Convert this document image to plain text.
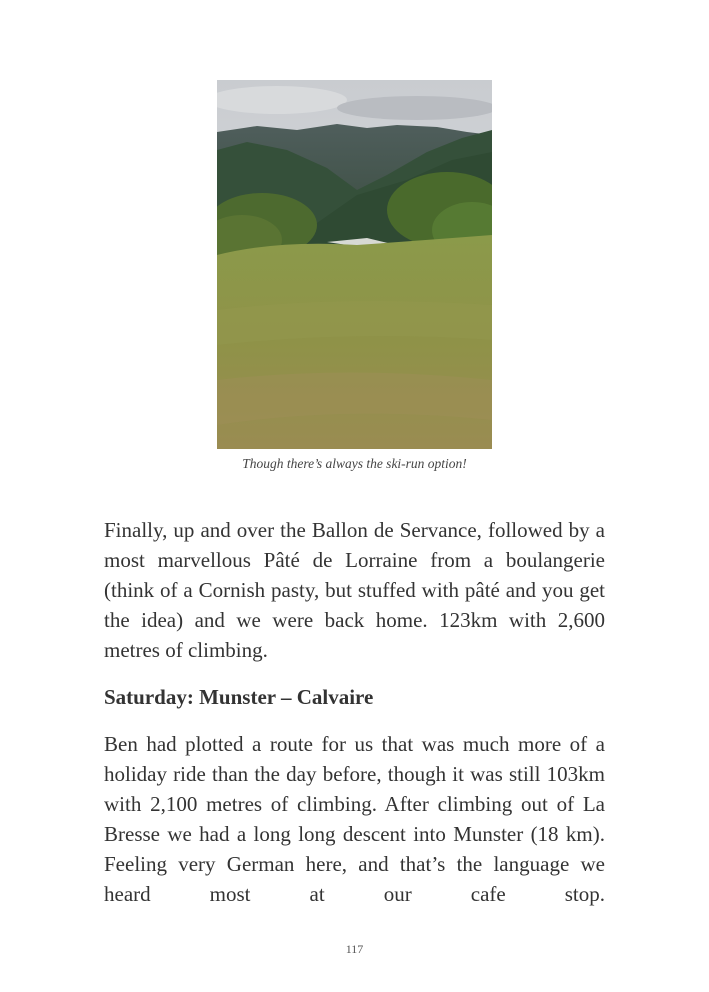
Though there’s always the ski-run option!

Finally, up and over the Ballon de Servance, followed by a most marvellous Pâté de Lorraine from a boulangerie (think of a Cornish pasty, but stuffed with pâté and you get the idea) and we were back home. 123km with 2,600 metres of climbing.

Saturday: Munster – Calvaire

Ben had plotted a route for us that was much more of a holiday ride than the day before, though it was still 103km with 2,100 metres of climbing. After climbing out of La Bresse we had a long long descent into Munster (18 km). Feeling very German here, and that’s the language we heard most at our cafe stop.

117
